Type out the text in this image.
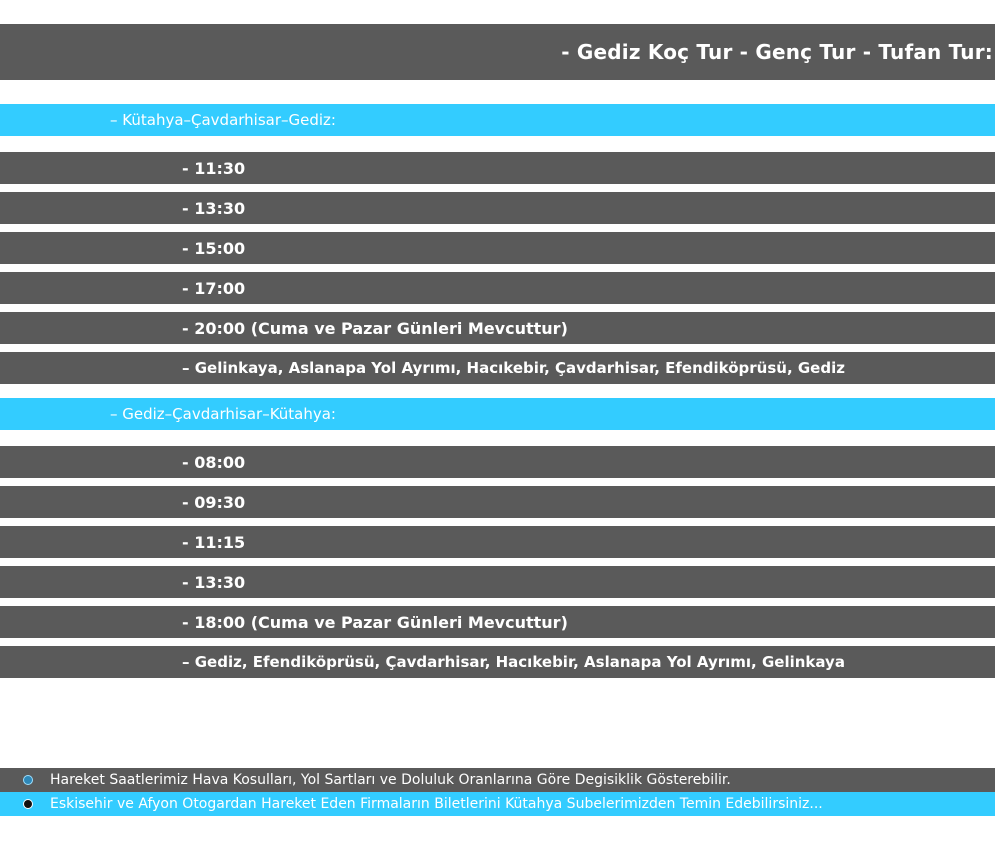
- Gediz Koç Tur - Genç Tur - Tufan Tur:
– Kütahya–Çavdarhisar–Gediz:
- 11:30
- 13:30
- 15:00
- 17:00
- 20:00 (Cuma ve Pazar Günleri Mevcuttur)
– Gelinkaya, Aslanapa Yol Ayrımı, Hacıkebir, Çavdarhisar, Efendiköprüsü, Gediz
– Gediz–Çavdarhisar–Kütahya:
- 08:00
- 09:30
- 11:15
- 13:30
- 18:00 (Cuma ve Pazar Günleri Mevcuttur)
– Gediz, Efendiköprüsü, Çavdarhisar, Hacıkebir, Aslanapa Yol Ayrımı, Gelinkaya
Hareket Saatlerimiz Hava Kosulları, Yol Sartları ve Doluluk Oranlarına Göre Degisiklik Gösterebilir.
Eskisehir ve Afyon Otogardan Hareket Eden Firmaların Biletlerini Kütahya Subelerimizden Temin Edebilirsiniz...
